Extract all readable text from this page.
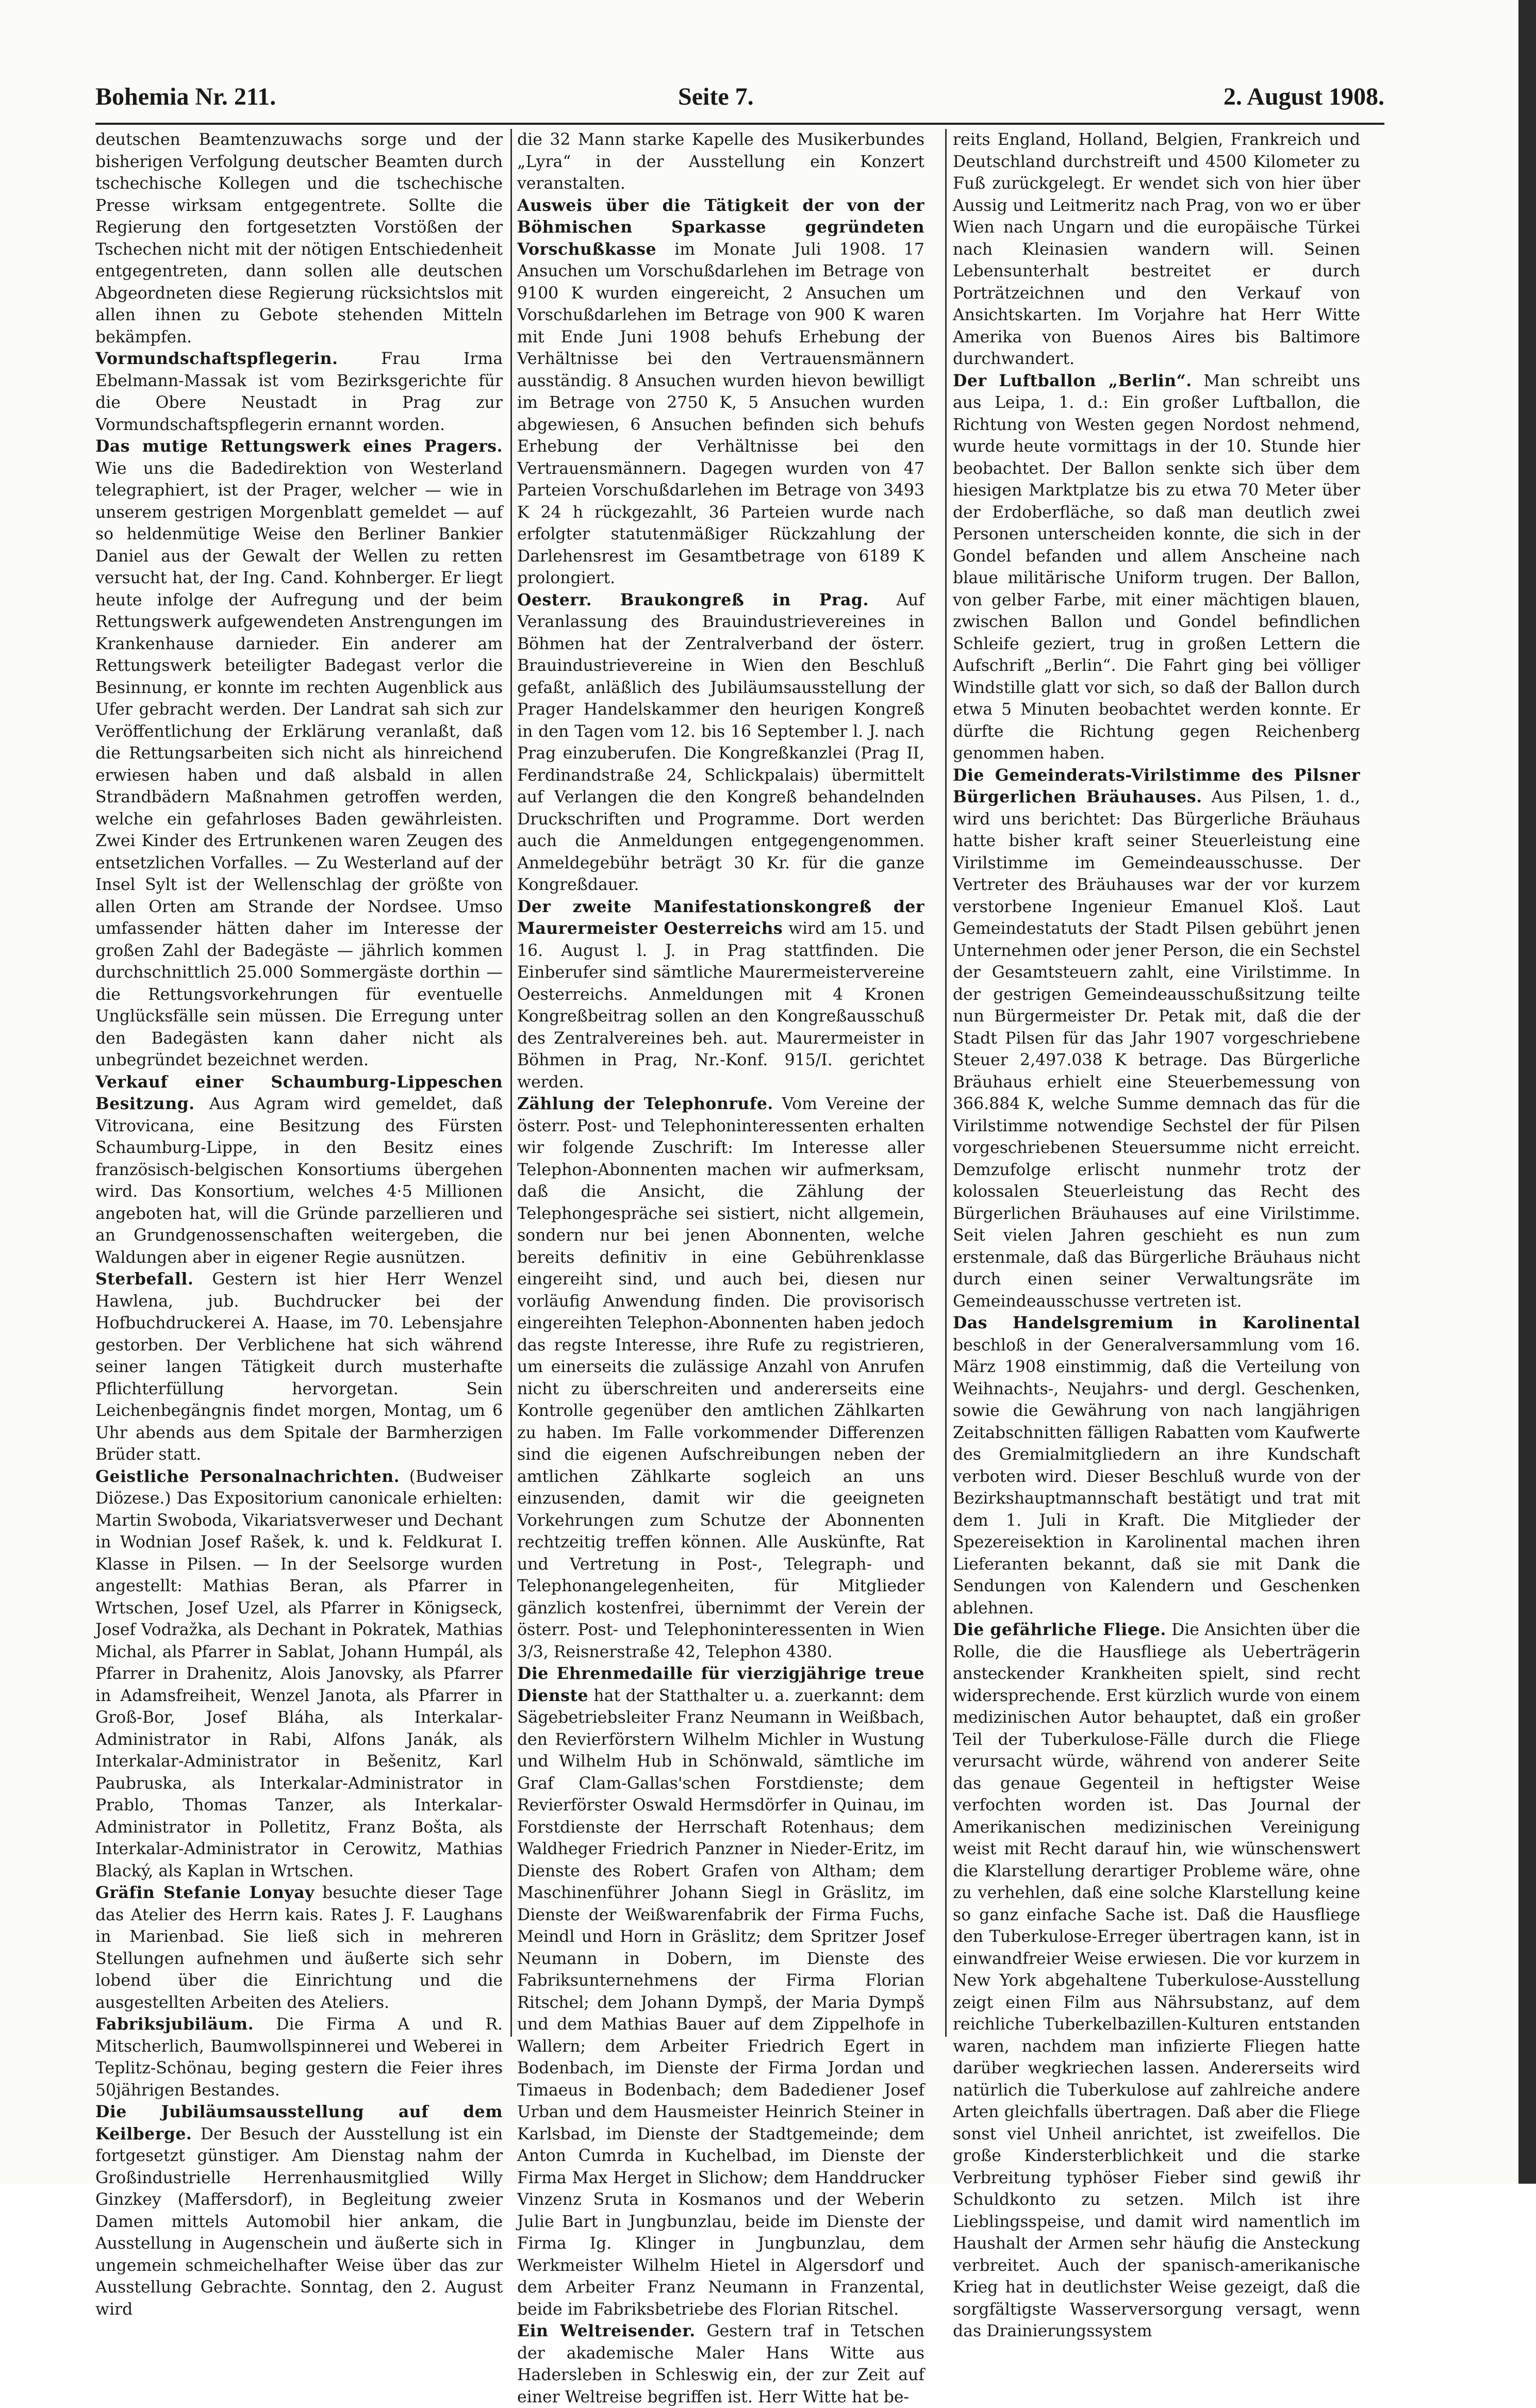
Bohemia Nr. 211.	Seite 7.	2. August 1908.

deutschen Beamtenzuwachs sorge und der bisherigen Verfolgung deutscher Beamten durch tschechische Kollegen und die tschechische Presse wirksam entgegentrete. Sollte die Regierung den fortgesetzten Vorstößen der Tschechen nicht mit der nötigen Entschiedenheit entgegentreten, dann sollen alle deutschen Abgeordneten diese Regierung rücksichtslos mit allen ihnen zu Gebote stehenden Mitteln bekämpfen.

Vormundschaftspflegerin.	Frau Irma Ebelmann-Massak ist vom Bezirksgerichte für die Obere Neustadt in Prag zur Vormundschaftspflegerin ernannt worden.

Das mutige Rettungswerk eines Pragers. Wie uns die Badedirektion von Westerland telegraphiert, ist der Prager, welcher — wie in unserem gestrigen Morgenblatt gemeldet — auf so heldenmütige Weise den Berliner Bankier Daniel aus der Gewalt der Wellen zu retten versucht hat, der Ing. Cand. Kohnberger. Er liegt heute infolge der Aufregung und der beim Rettungswerk aufgewendeten Anstrengungen im Krankenhause darnieder. Ein anderer am Rettungswerk beteiligter Badegast verlor die Besinnung, er konnte im rechten Augenblick aus Ufer gebracht werden. Der Landrat sah sich zur Veröffentlichung der Erklärung veranlaßt, daß die Rettungsarbeiten sich nicht als hinreichend erwiesen haben und daß alsbald in allen Strandbädern Maßnahmen getroffen werden, welche ein gefahrloses Baden gewährleisten. Zwei Kinder des Ertrunkenen waren Zeugen des entsetzlichen Vorfalles. — Zu Westerland auf der Insel Sylt ist der Wellenschlag der größte von allen Orten am Strande der Nordsee. Umso umfassender hätten daher im Interesse der großen Zahl der Badegäste — jährlich kommen durchschnittlich 25.000 Sommergäste dorthin — die Rettungsvorkehrungen für eventuelle Unglücksfälle sein müssen. Die Erregung unter den Badegästen kann daher nicht als unbegründet bezeichnet werden.

Verkauf einer Schaumburg-Lippeschen Besitzung. Aus Agram wird gemeldet, daß Vitrovicana, eine Besitzung des Fürsten Schaumburg-Lippe, in den Besitz eines französisch-belgischen Konsortiums übergehen wird. Das Konsortium, welches 4·5 Millionen angeboten hat, will die Gründe parzellieren und an Grundgenossenschaften weitergeben, die Waldungen aber in eigener Regie ausnützen.

Sterbefall. Gestern ist hier Herr Wenzel Hawlena, jub. Buchdrucker bei der Hofbuchdruckerei A. Haase, im 70. Lebensjahre gestorben. Der Verblichene hat sich während seiner langen Tätigkeit durch musterhafte Pflichterfüllung hervorgetan. Sein Leichenbegängnis findet morgen, Montag, um 6 Uhr abends aus dem Spitale der Barmherzigen Brüder statt.

Geistliche Personalnachrichten. (Budweiser Diözese.) Das Expositorium canonicale erhielten: Martin Swoboda, Vikariatsverweser und Dechant in Wodnian Josef Rašek, k. und k. Feldkurat I. Klasse in Pilsen. — In der Seelsorge wurden angestellt: Mathias Beran, als Pfarrer in Wrtschen, Josef Uzel, als Pfarrer in Königseck, Josef Vodražka, als Dechant in Pokratek, Mathias Michal, als Pfarrer in Sablat, Johann Humpál, als Pfarrer in Drahenitz, Alois Janovsky, als Pfarrer in Adamsfreiheit, Wenzel Janota, als Pfarrer in Groß-Bor, Josef Bláha, als Interkalar-Administrator in Rabi, Alfons Janák, als Interkalar-Administrator in Bešenitz, Karl Paubruska, als Interkalar-Administrator in Prablo, Thomas Tanzer, als Interkalar-Administrator in Polletitz, Franz Bošta, als Interkalar-Administrator in Cerowitz, Mathias Blacký, als Kaplan in Wrtschen.

Gräfin Stefanie Lonyay besuchte dieser Tage das Atelier des Herrn kais. Rates J. F. Laughans in Marienbad. Sie ließ sich in mehreren Stellungen aufnehmen und äußerte sich sehr lobend über die Einrichtung und die ausgestellten Arbeiten des Ateliers.

Fabriksjubiläum. Die Firma A und R. Mitscherlich, Baumwollspinnerei und Weberei in Teplitz-Schönau, beging gestern die Feier ihres 50jährigen Bestandes.

Die Jubiläumsausstellung auf dem Keilberge. Der Besuch der Ausstellung ist ein fortgesetzt günstiger. Am Dienstag nahm der Großindustrielle Herrenhausmitglied Willy Ginzkey (Maffersdorf), in Begleitung zweier Damen mittels Automobil hier ankam, die Ausstellung in Augenschein und äußerte sich in ungemein schmeichelhafter Weise über das zur Ausstellung Gebrachte. Sonntag, den 2. August wird

die 32 Mann starke Kapelle des Musikerbundes „Lyra“ in der Ausstellung ein Konzert veranstalten.

Ausweis über die Tätigkeit der von der Böhmischen Sparkasse gegründeten Vorschußkasse im Monate Juli 1908. 17 Ansuchen um Vorschußdarlehen im Betrage von 9100 K wurden eingereicht, 2 Ansuchen um Vorschußdarlehen im Betrage von 900 K waren mit Ende Juni 1908 behufs Erhebung der Verhältnisse bei den Vertrauensmännern ausständig. 8 Ansuchen wurden hievon bewilligt im Betrage von 2750 K, 5 Ansuchen wurden abgewiesen, 6 Ansuchen befinden sich behufs Erhebung der Verhältnisse bei den Vertrauensmännern. Dagegen wurden von 47 Parteien Vorschußdarlehen im Betrage von 3493 K 24 h rückgezahlt, 36 Parteien wurde nach erfolgter statutenmäßiger Rückzahlung der Darlehensrest im Gesamtbetrage von 6189 K prolongiert.

Oesterr. Braukongreß in Prag. Auf Veranlassung des Brauindustrievereines in Böhmen hat der Zentralverband der österr. Brauindustrievereine in Wien den Beschluß gefaßt, anläßlich des Jubiläumsausstellung der Prager Handelskammer den heurigen Kongreß in den Tagen vom 12. bis 16 September l. J. nach Prag einzuberufen. Die Kongreßkanzlei (Prag II, Ferdinandstraße 24, Schlickpalais) übermittelt auf Verlangen die den Kongreß behandelnden Druckschriften und Programme. Dort werden auch die Anmeldungen entgegengenommen. Anmeldegebühr beträgt 30 Kr. für die ganze Kongreßdauer.

Der zweite Manifestationskongreß der Maurermeister Oesterreichs wird am 15. und 16. August l. J. in Prag stattfinden. Die Einberufer sind sämtliche Maurermeistervereine Oesterreichs. Anmeldungen mit 4 Kronen Kongreßbeitrag sollen an den Kongreßausschuß des Zentralvereines beh. aut. Maurermeister in Böhmen in Prag, Nr.-Konf. 915/I. gerichtet werden.

Zählung der Telephonrufe. Vom Vereine der österr. Post- und Telephoninteressenten erhalten wir folgende Zuschrift: Im Interesse aller Telephon-Abonnenten machen wir aufmerksam, daß die Ansicht, die Zählung der Telephongespräche sei sistiert, nicht allgemein, sondern nur bei jenen Abonnenten, welche bereits definitiv in eine Gebührenklasse eingereiht sind, und auch bei, diesen nur vorläufig Anwendung finden. Die provisorisch eingereihten Telephon-Abonnenten haben jedoch das regste Interesse, ihre Rufe zu registrieren, um einerseits die zulässige Anzahl von Anrufen nicht zu überschreiten und andererseits eine Kontrolle gegenüber den amtlichen Zählkarten zu haben. Im Falle vorkommender Differenzen sind die eigenen Aufschreibungen neben der amtlichen Zählkarte sogleich an uns einzusenden, damit wir die geeigneten Vorkehrungen zum Schutze der Abonnenten rechtzeitig treffen können. Alle Auskünfte, Rat und Vertretung in Post-, Telegraph- und Telephonangelegenheiten, für Mitglieder gänzlich kostenfrei, übernimmt der Verein der österr. Post- und Telephoninteressenten in Wien 3/3, Reisnerstraße 42, Telephon 4380.

Die Ehrenmedaille für vierzigjährige treue Dienste hat der Statthalter u. a. zuerkannt: dem Sägebetriebsleiter Franz Neumann in Weißbach, den Revierförstern Wilhelm Michler in Wustung und Wilhelm Hub in Schönwald, sämtliche im Graf Clam-Gallas'schen Forstdienste; dem Revierförster Oswald Hermsdörfer in Quinau, im Forstdienste der Herrschaft Rotenhaus; dem Waldheger Friedrich Panzner in Nieder-Eritz, im Dienste des Robert Grafen von Altham; dem Maschinenführer Johann Siegl in Gräslitz, im Dienste der Weißwarenfabrik der Firma Fuchs, Meindl und Horn in Gräslitz; dem Spritzer Josef Neumann in Dobern, im Dienste des Fabriksunternehmens der Firma Florian Ritschel; dem Johann Dympš, der Maria Dympš und dem Mathias Bauer auf dem Zippelhofe in Wallern; dem Arbeiter Friedrich Egert in Bodenbach, im Dienste der Firma Jordan und Timaeus in Bodenbach; dem Badediener Josef Urban und dem Hausmeister Heinrich Steiner in Karlsbad, im Dienste der Stadtgemeinde; dem Anton Cumrda in Kuchelbad, im Dienste der Firma Max Herget in Slichow; dem Handdrucker Vinzenz Sruta in Kosmanos und der Weberin Julie Bart in Jungbunzlau, beide im Dienste der Firma Ig. Klinger in Jungbunzlau, dem Werkmeister Wilhelm Hietel in Algersdorf und dem Arbeiter Franz Neumann in Franzental, beide im Fabriksbetriebe des Florian Ritschel.

Ein Weltreisender. Gestern traf in Tetschen der akademische Maler Hans Witte aus Hadersleben in Schleswig ein, der zur Zeit auf einer Weltreise begriffen ist. Herr Witte hat be-

reits England, Holland, Belgien, Frankreich und Deutschland durchstreift und 4500 Kilometer zu Fuß zurückgelegt. Er wendet sich von hier über Aussig und Leitmeritz nach Prag, von wo er über Wien nach Ungarn und die europäische Türkei nach Kleinasien wandern will. Seinen Lebensunterhalt bestreitet er durch Porträtzeichnen und den Verkauf von Ansichtskarten. Im Vorjahre hat Herr Witte Amerika von Buenos Aires bis Baltimore durchwandert.

Der Luftballon „Berlin“. Man schreibt uns aus Leipa, 1. d.: Ein großer Luftballon, die Richtung von Westen gegen Nordost nehmend, wurde heute vormittags in der 10. Stunde hier beobachtet. Der Ballon senkte sich über dem hiesigen Marktplatze bis zu etwa 70 Meter über der Erdoberfläche, so daß man deutlich zwei Personen unterscheiden konnte, die sich in der Gondel befanden und allem Anscheine nach blaue militärische Uniform trugen. Der Ballon, von gelber Farbe, mit einer mächtigen blauen, zwischen Ballon und Gondel befindlichen Schleife geziert, trug in großen Lettern die Aufschrift „Berlin“. Die Fahrt ging bei völliger Windstille glatt vor sich, so daß der Ballon durch etwa 5 Minuten beobachtet werden konnte. Er dürfte die Richtung gegen Reichenberg genommen haben.

Die Gemeinderats-Virilstimme des Pilsner Bürgerlichen Bräuhauses. Aus Pilsen, 1. d., wird uns berichtet: Das Bürgerliche Bräuhaus hatte bisher kraft seiner Steuerleistung eine Virilstimme im Gemeindeausschusse. Der Vertreter des Bräuhauses war der vor kurzem verstorbene Ingenieur Emanuel Kloš. Laut Gemeindestatuts der Stadt Pilsen gebührt jenen Unternehmen oder jener Person, die ein Sechstel der Gesamtsteuern zahlt, eine Virilstimme. In der gestrigen Gemeindeausschußsitzung teilte nun Bürgermeister Dr. Petak mit, daß die der Stadt Pilsen für das Jahr 1907 vorgeschriebene Steuer 2,497.038 K betrage. Das Bürgerliche Bräuhaus erhielt eine Steuerbemessung von 366.884 K, welche Summe demnach das für die Virilstimme notwendige Sechstel der für Pilsen vorgeschriebenen Steuersumme nicht erreicht. Demzufolge erlischt nunmehr trotz der kolossalen Steuerleistung das Recht des Bürgerlichen Bräuhauses auf eine Virilstimme. Seit vielen Jahren geschieht es nun zum erstenmale, daß das Bürgerliche Bräuhaus nicht durch einen seiner Verwaltungsräte im Gemeindeausschusse vertreten ist.

Das Handelsgremium in Karolinental beschloß in der Generalversammlung vom 16. März 1908 einstimmig, daß die Verteilung von Weihnachts-, Neujahrs- und dergl. Geschenken, sowie die Gewährung von nach langjährigen Zeitabschnitten fälligen Rabatten vom Kaufwerte des Gremialmitgliedern an ihre Kundschaft verboten wird. Dieser Beschluß wurde von der Bezirkshauptmannschaft bestätigt und trat mit dem 1. Juli in Kraft. Die Mitglieder der Spezereisektion in Karolinental machen ihren Lieferanten bekannt, daß sie mit Dank die Sendungen von Kalendern und Geschenken ablehnen.

Die gefährliche Fliege. Die Ansichten über die Rolle, die die Hausfliege als Ueberträgerin ansteckender Krankheiten spielt, sind recht widersprechende. Erst kürzlich wurde von einem medizinischen Autor behauptet, daß ein großer Teil der Tuberkulose-Fälle durch die Fliege verursacht würde, während von anderer Seite das genaue Gegenteil in heftigster Weise verfochten worden ist. Das Journal der Amerikanischen medizinischen Vereinigung weist mit Recht darauf hin, wie wünschenswert die Klarstellung derartiger Probleme wäre, ohne zu verhehlen, daß eine solche Klarstellung keine so ganz einfache Sache ist. Daß die Hausfliege den Tuberkulose-Erreger übertragen kann, ist in einwandfreier Weise erwiesen. Die vor kurzem in New York abgehaltene Tuberkulose-Ausstellung zeigt einen Film aus Nährsubstanz, auf dem reichliche Tuberkelbazillen-Kulturen entstanden waren, nachdem man infizierte Fliegen hatte darüber wegkriechen lassen. Andererseits wird natürlich die Tuberkulose auf zahlreiche andere Arten gleichfalls übertragen. Daß aber die Fliege sonst viel Unheil anrichtet, ist zweifellos. Die große Kindersterblichkeit und die starke Verbreitung typhöser Fieber sind gewiß ihr Schuldkonto zu setzen. Milch ist ihre Lieblingsspeise, und damit wird namentlich im Haushalt der Armen sehr häufig die Ansteckung verbreitet. Auch der spanisch-amerikanische Krieg hat in deutlichster Weise gezeigt, daß die sorgfältigste Wasserversorgung versagt, wenn das Drainierungssystem
